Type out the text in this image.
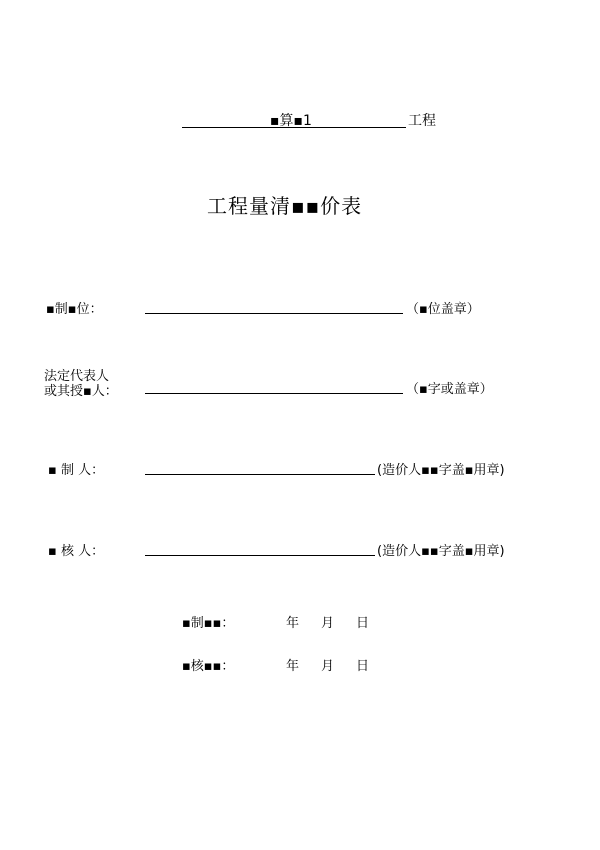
▪算▪1	工程
工程量清▪▪价表
▪制▪位：	（▪位盖章）
法定代表人
或其授▪人：	（▪字或盖章）
▪ 制 人：	(造价人▪▪字盖▪用章)
▪ 核 人：	(造价人▪▪字盖▪用章)
▪制▪▪：	年 月 日
▪核▪▪：	年 月 日
